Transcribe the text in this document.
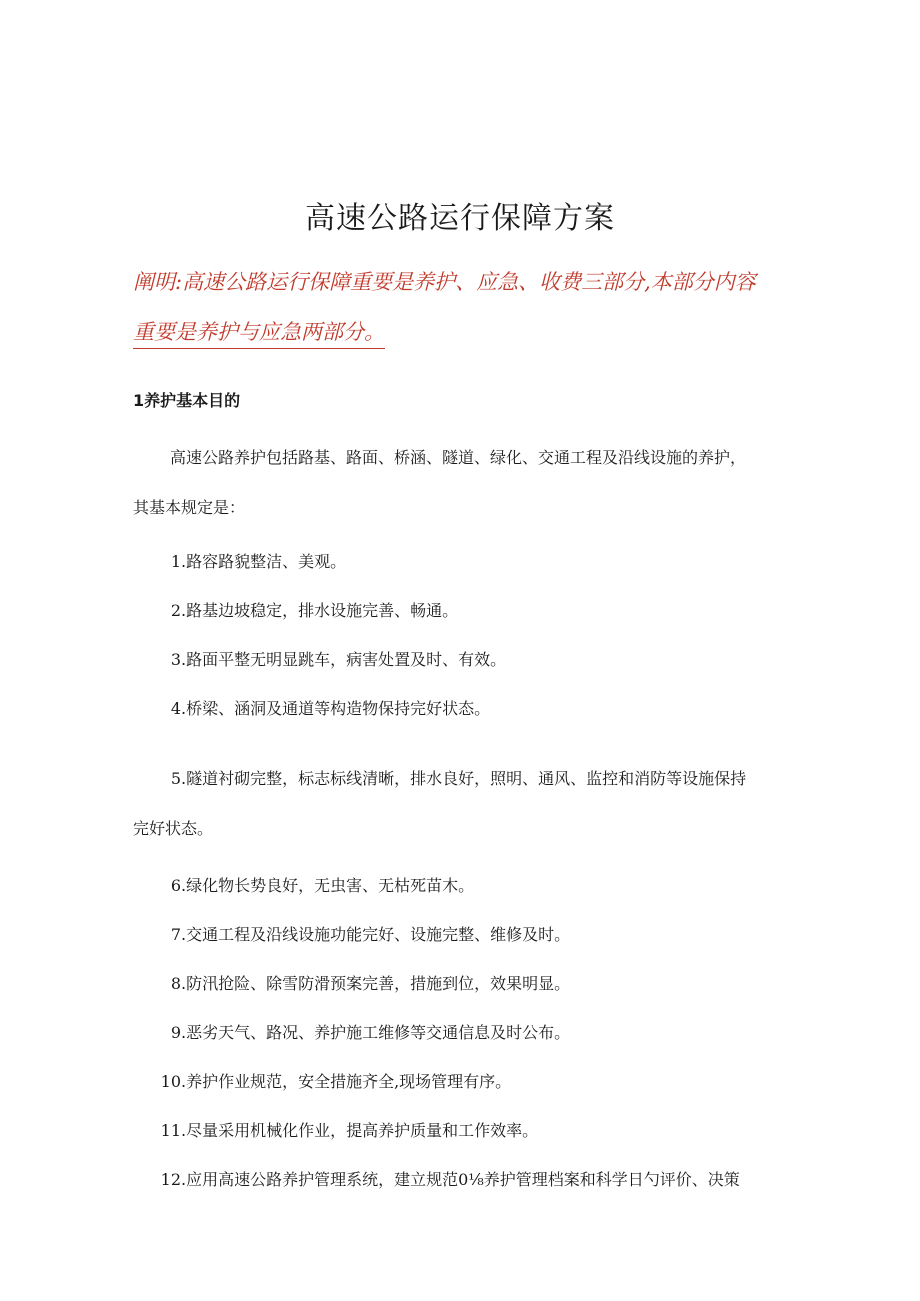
高速公路运行保障方案
阐明:高速公路运行保障重要是养护、应急、收费三部分,本部分内容
重要是养护与应急两部分。
1养护基本目的
高速公路养护包括路基、路面、桥涵、隧道、绿化、交通工程及沿线设施的养护，
其基本规定是：
1.路容路貌整洁、美观。
2.路基边坡稳定，排水设施完善、畅通。
3.路面平整无明显跳车，病害处置及时、有效。
4.桥梁、涵洞及通道等构造物保持完好状态。
5.隧道衬砌完整，标志标线清晰，排水良好，照明、通风、监控和消防等设施保持
完好状态。
6.绿化物长势良好，无虫害、无枯死苗木。
7.交通工程及沿线设施功能完好、设施完整、维修及时。
8.防汛抢险、除雪防滑预案完善，措施到位，效果明显。
9.恶劣天气、路况、养护施工维修等交通信息及时公布。
10.养护作业规范，安全措施齐全,现场管理有序。
11.尽量采用机械化作业，提高养护质量和工作效率。
12.应用高速公路养护管理系统，建立规范0⅛养护管理档案和科学日勺评价、决策
